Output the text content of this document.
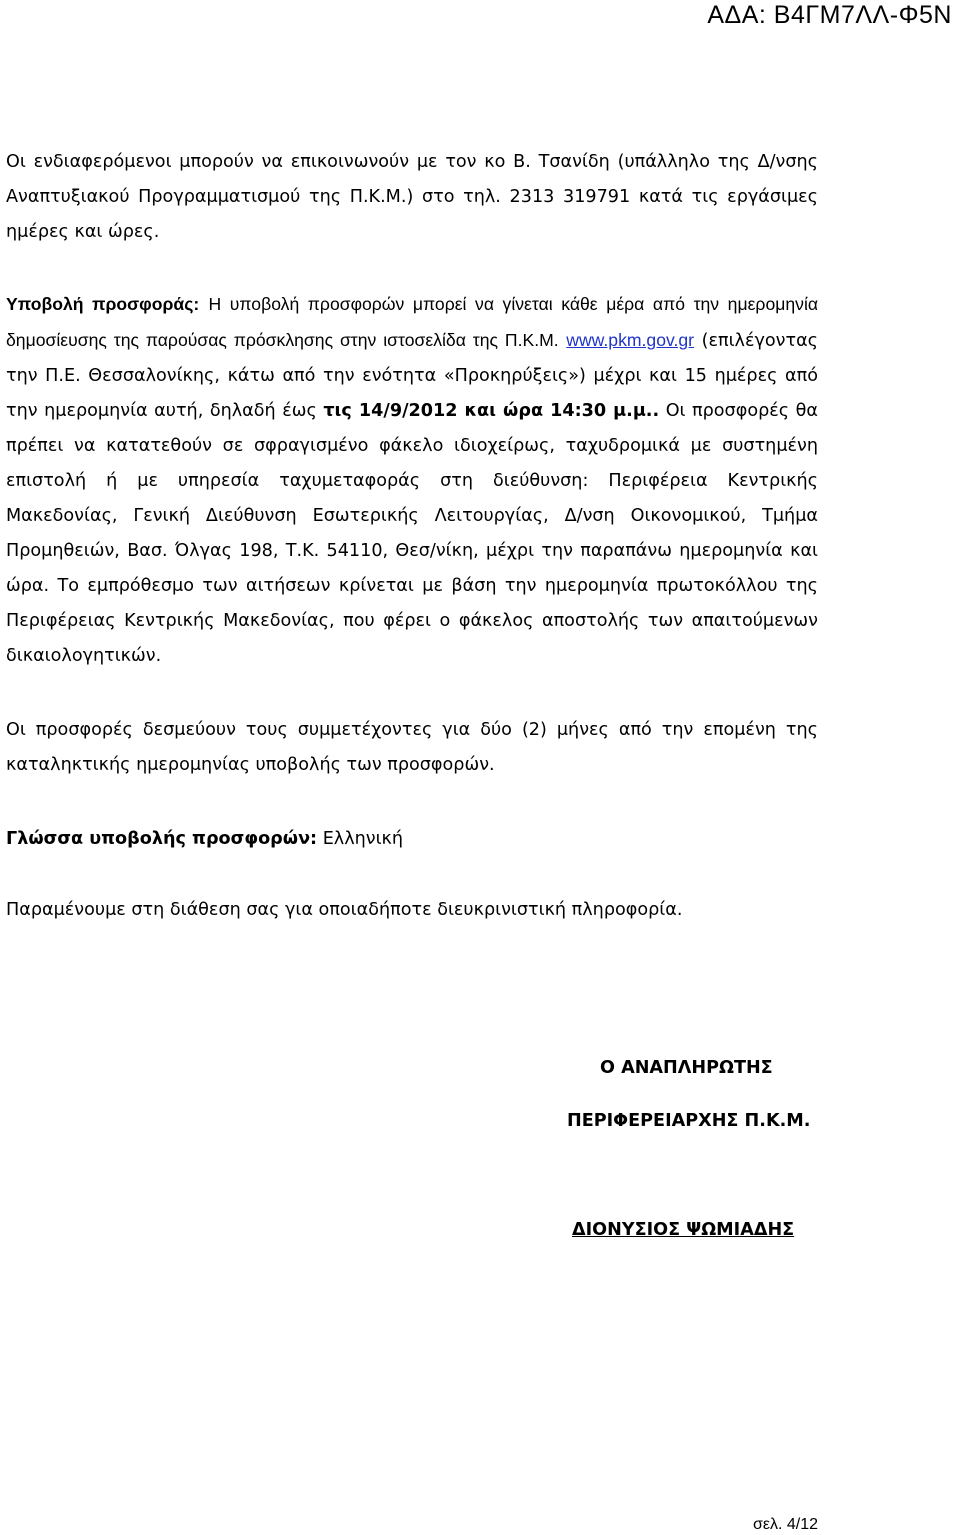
ΑΔΑ: Β4ΓΜ7ΛΛ-Φ5Ν

Οι ενδιαφερόμενοι μπορούν να επικοινωνούν με τον κο Β. Τσανίδη (υπάλληλο της Δ/νσης Αναπτυξιακού Προγραμματισμού της Π.Κ.Μ.) στο τηλ. 2313 319791 κατά τις εργάσιμες ημέρες και ώρες.

Υποβολή προσφοράς: Η υποβολή προσφορών μπορεί να γίνεται κάθε μέρα από την ημερομηνία δημοσίευσης της παρούσας πρόσκλησης στην ιστοσελίδα της Π.Κ.Μ. www.pkm.gov.gr (επιλέγοντας την Π.Ε. Θεσσαλονίκης, κάτω από την ενότητα «Προκηρύξεις») μέχρι και 15 ημέρες από την ημερομηνία αυτή, δηλαδή έως τις 14/9/2012 και ώρα 14:30 μ.μ.. Οι προσφορές θα πρέπει να κατατεθούν σε σφραγισμένο φάκελο ιδιοχείρως, ταχυδρομικά με συστημένη επιστολή ή με υπηρεσία ταχυμεταφοράς στη διεύθυνση: Περιφέρεια Κεντρικής Μακεδονίας, Γενική Διεύθυνση Εσωτερικής Λειτουργίας, Δ/νση Οικονομικού, Τμήμα Προμηθειών, Βασ. Όλγας 198, Τ.Κ. 54110, Θεσ/νίκη, μέχρι την παραπάνω ημερομηνία και ώρα. Το εμπρόθεσμο των αιτήσεων κρίνεται με βάση την ημερομηνία πρωτοκόλλου της Περιφέρειας Κεντρικής Μακεδονίας, που φέρει ο φάκελος αποστολής των απαιτούμενων δικαιολογητικών.

Οι προσφορές δεσμεύουν τους συμμετέχοντες για δύο (2) μήνες από την επομένη της καταληκτικής ημερομηνίας υποβολής των προσφορών.

Γλώσσα υποβολής προσφορών: Ελληνική

Παραμένουμε στη διάθεση σας για οποιαδήποτε διευκρινιστική πληροφορία.

Ο ΑΝΑΠΛΗΡΩΤΗΣ
ΠΕΡΙΦΕΡΕΙΑΡΧΗΣ Π.Κ.Μ.
ΔΙΟΝΥΣΙΟΣ ΨΩΜΙΑΔΗΣ
σελ. 4/12
